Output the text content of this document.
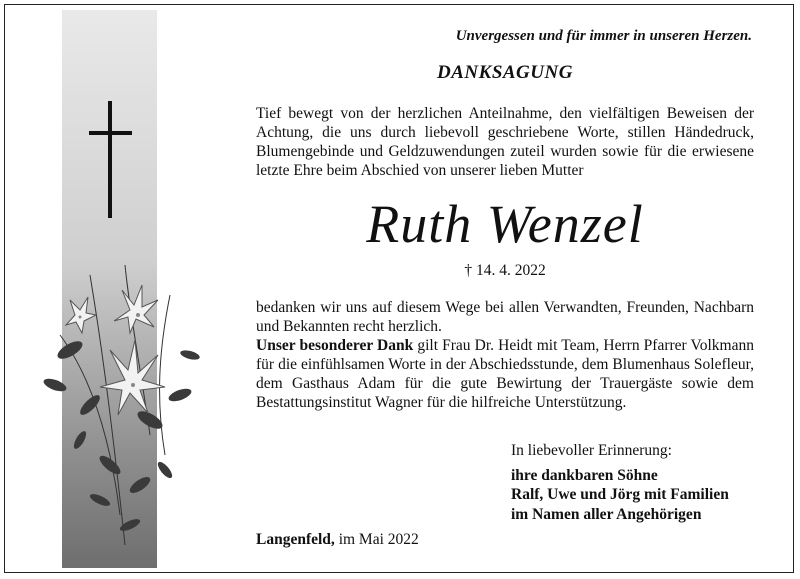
Unvergessen und für immer in unseren Herzen.
DANKSAGUNG
Tief bewegt von der herzlichen Anteilnahme, den vielfältigen Beweisen der Achtung, die uns durch liebevoll geschriebene Worte, stillen Händedruck, Blumengebinde und Geldzuwendungen zuteil wurden sowie für die erwiesene letzte Ehre beim Abschied von unserer lieben Mutter
Ruth Wenzel
† 14. 4. 2022
bedanken wir uns auf diesem Wege bei allen Verwandten, Freunden, Nachbarn und Bekannten recht herzlich.
Unser besonderer Dank gilt Frau Dr. Heidt mit Team, Herrn Pfarrer Volkmann für die einfühlsamen Worte in der Abschiedsstunde, dem Blumenhaus Solefleur, dem Gasthaus Adam für die gute Bewirtung der Trauergäste sowie dem Bestattungsinstitut Wagner für die hilfreiche Unterstützung.
In liebevoller Erinnerung:
ihre dankbaren Söhne
Ralf, Uwe und Jörg mit Familien
im Namen aller Angehörigen
Langenfeld, im Mai 2022
